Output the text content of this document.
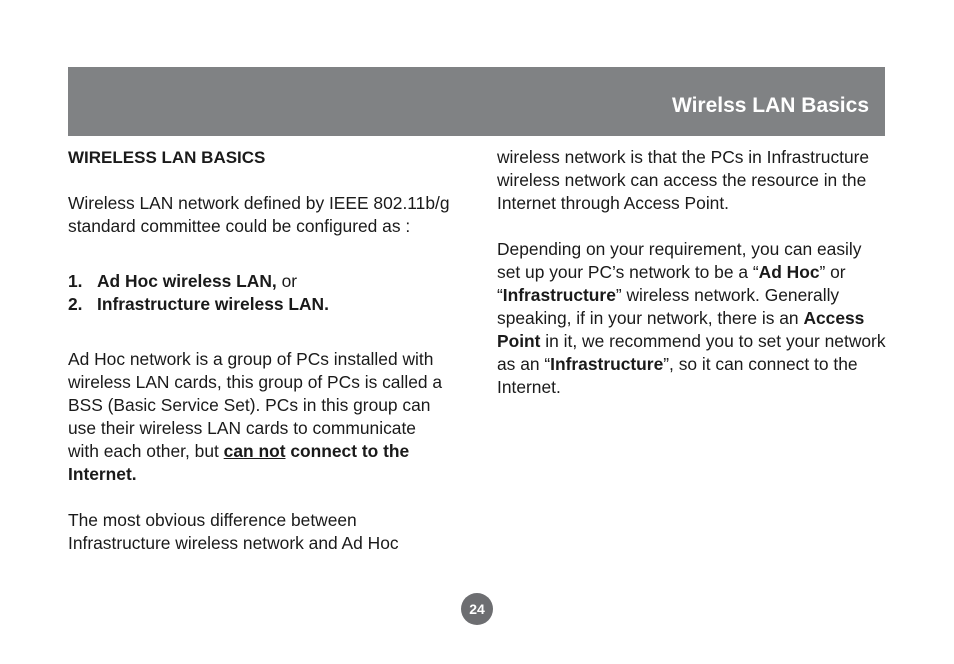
Wirelss LAN Basics

WIRELESS LAN BASICS

Wireless LAN network defined by IEEE 802.11b/g standard committee could be configured as :

1. Ad Hoc wireless LAN, or
2. Infrastructure wireless LAN.

Ad Hoc network is a group of PCs installed with wireless LAN cards, this group of PCs is called a BSS (Basic Service Set). PCs in this group can use their wireless LAN cards to communicate with each other, but can not connect to the Internet.

The most obvious difference between Infrastructure wireless network and Ad Hoc

wireless network is that the PCs in Infrastructure wireless network can access the resource in the Internet through Access Point.

Depending on your requirement, you can easily set up your PC’s network to be a “Ad Hoc” or “Infrastructure” wireless network. Generally speaking, if in your network, there is an Access Point in it, we recommend you to set your network as an “Infrastructure”, so it can connect to the Internet.

24
